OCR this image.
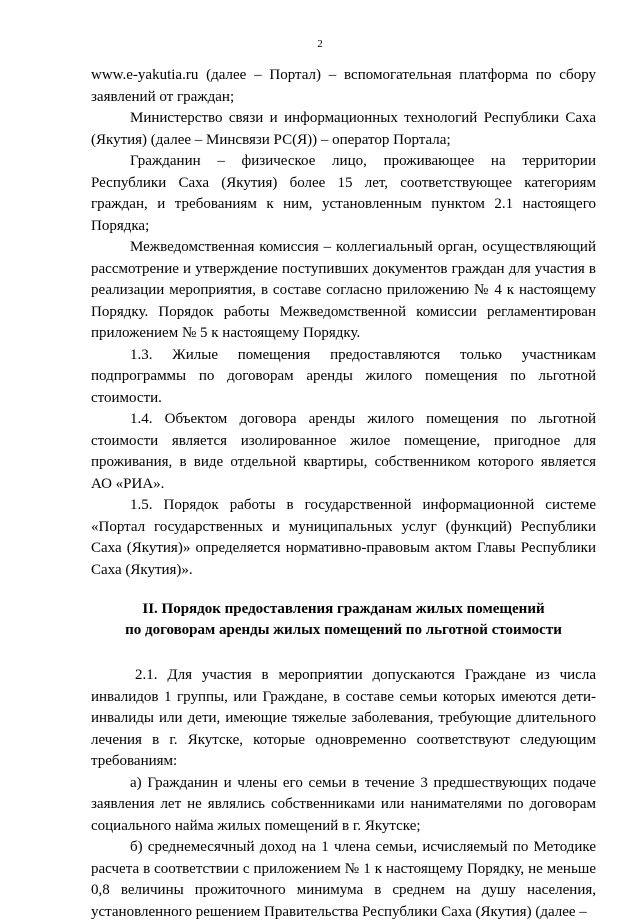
2

www.e-yakutia.ru (далее – Портал) – вспомогательная платформа по сбору заявлений от граждан;

Министерство связи и информационных технологий Республики Саха (Якутия) (далее – Минсвязи РС(Я)) – оператор Портала;

Гражданин – физическое лицо, проживающее на территории Республики Саха (Якутия) более 15 лет, соответствующее категориям граждан, и требованиям к ним, установленным пунктом 2.1 настоящего Порядка;

Межведомственная комиссия – коллегиальный орган, осуществляющий рассмотрение и утверждение поступивших документов граждан для участия в реализации мероприятия, в составе согласно приложению № 4 к настоящему Порядку. Порядок работы Межведомственной комиссии регламентирован приложением № 5 к настоящему Порядку.

1.3. Жилые помещения предоставляются только участникам подпрограммы по договорам аренды жилого помещения по льготной стоимости.

1.4. Объектом договора аренды жилого помещения по льготной стоимости является изолированное жилое помещение, пригодное для проживания, в виде отдельной квартиры, собственником которого является АО «РИА».

1.5. Порядок работы в государственной информационной системе «Портал государственных и муниципальных услуг (функций) Республики Саха (Якутия)» определяется нормативно-правовым актом Главы Республики Саха (Якутия)».

II. Порядок предоставления гражданам жилых помещений
по договорам аренды жилых помещений по льготной стоимости

2.1. Для участия в мероприятии допускаются Граждане из числа инвалидов 1 группы, или Граждане, в составе семьи которых имеются дети-инвалиды или дети, имеющие тяжелые заболевания, требующие длительного лечения в г. Якутске, которые одновременно соответствуют следующим требованиям:

а) Гражданин и члены его семьи в течение 3 предшествующих подаче заявления лет не являлись собственниками или нанимателями по договорам социального найма жилых помещений в г. Якутске;

б) среднемесячный доход на 1 члена семьи, исчисляемый по Методике расчета в соответствии с приложением № 1 к настоящему Порядку, не меньше 0,8 величины прожиточного минимума в среднем на душу населения, установленного решением Правительства Республики Саха (Якутия) (далее –
